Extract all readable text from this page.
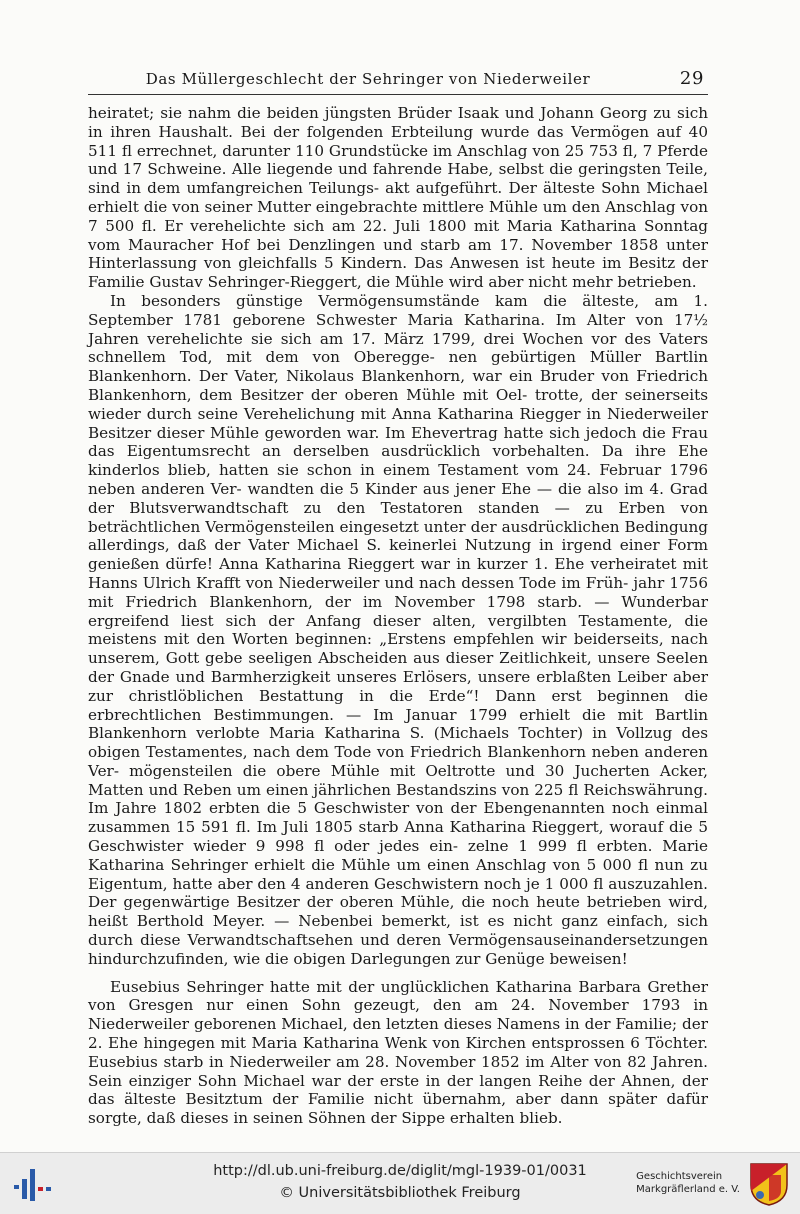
Das Müllergeschlecht der Sehringer von Niederweiler	29

heiratet; sie nahm die beiden jüngsten Brüder Isaak und Johann Georg zu sich in ihren Haushalt. Bei der folgenden Erbteilung wurde das Vermögen auf 40 511 fl errechnet, darunter 110 Grundstücke im Anschlag von 25 753 fl, 7 Pferde und 17 Schweine. Alle liegende und fahrende Habe, selbst die geringsten Teile, sind in dem umfangreichen Teilungs- akt aufgeführt. Der älteste Sohn Michael erhielt die von seiner Mutter eingebrachte mittlere Mühle um den Anschlag von 7 500 fl. Er verehelichte sich am 22. Juli 1800 mit Maria Katharina Sonntag vom Mauracher Hof bei Denzlingen und starb am 17. November 1858 unter Hinterlassung von gleichfalls 5 Kindern. Das Anwesen ist heute im Besitz der Familie Gustav Sehringer-Rieggert, die Mühle wird aber nicht mehr betrieben.

In besonders günstige Vermögensumstände kam die älteste, am 1. September 1781 geborene Schwester Maria Katharina. Im Alter von 17½ Jahren verehelichte sie sich am 17. März 1799, drei Wochen vor des Vaters schnellem Tod, mit dem von Oberegge- nen gebürtigen Müller Bartlin Blankenhorn. Der Vater, Nikolaus Blankenhorn, war ein Bruder von Friedrich Blankenhorn, dem Besitzer der oberen Mühle mit Oel- trotte, der seinerseits wieder durch seine Verehelichung mit Anna Katharina Riegger in Niederweiler Besitzer dieser Mühle geworden war. Im Ehevertrag hatte sich jedoch die Frau das Eigentumsrecht an derselben ausdrücklich vorbehalten. Da ihre Ehe kinderlos blieb, hatten sie schon in einem Testament vom 24. Februar 1796 neben anderen Ver- wandten die 5 Kinder aus jener Ehe — die also im 4. Grad der Blutsverwandtschaft zu den Testatoren standen — zu Erben von beträchtlichen Vermögensteilen eingesetzt unter der ausdrücklichen Bedingung allerdings, daß der Vater Michael S. keinerlei Nutzung in irgend einer Form genießen dürfe! Anna Katharina Rieggert war in kurzer 1. Ehe verheiratet mit Hanns Ulrich Krafft von Niederweiler und nach dessen Tode im Früh- jahr 1756 mit Friedrich Blankenhorn, der im November 1798 starb. — Wunderbar ergreifend liest sich der Anfang dieser alten, vergilbten Testamente, die meistens mit den Worten beginnen: „Erstens empfehlen wir beiderseits, nach unserem, Gott gebe seeligen Abscheiden aus dieser Zeitlichkeit, unsere Seelen der Gnade und Barmherzigkeit unseres Erlösers, unsere erblaßten Leiber aber zur christlöblichen Bestattung in die Erde“! Dann erst beginnen die erbrechtlichen Bestimmungen. — Im Januar 1799 erhielt die mit Bartlin Blankenhorn verlobte Maria Katharina S. (Michaels Tochter) in Vollzug des obigen Testamentes, nach dem Tode von Friedrich Blankenhorn neben anderen Ver- mögensteilen die obere Mühle mit Oeltrotte und 30 Jucherten Acker, Matten und Reben um einen jährlichen Bestandszins von 225 fl Reichswährung. Im Jahre 1802 erbten die 5 Geschwister von der Ebengenannten noch einmal zusammen 15 591 fl. Im Juli 1805 starb Anna Katharina Rieggert, worauf die 5 Geschwister wieder 9 998 fl oder jedes ein- zelne 1 999 fl erbten. Marie Katharina Sehringer erhielt die Mühle um einen Anschlag von 5 000 fl nun zu Eigentum, hatte aber den 4 anderen Geschwistern noch je 1 000 fl auszuzahlen. Der gegenwärtige Besitzer der oberen Mühle, die noch heute betrieben wird, heißt Berthold Meyer. — Nebenbei bemerkt, ist es nicht ganz einfach, sich durch diese Verwandtschaftsehen und deren Vermögensauseinandersetzungen hindurchzufinden, wie die obigen Darlegungen zur Genüge beweisen!

Eusebius Sehringer hatte mit der unglücklichen Katharina Barbara Grether von Gresgen nur einen Sohn gezeugt, den am 24. November 1793 in Niederweiler geborenen Michael, den letzten dieses Namens in der Familie; der 2. Ehe hingegen mit Maria Katharina Wenk von Kirchen entsprossen 6 Töchter. Eusebius starb in Niederweiler am 28. November 1852 im Alter von 82 Jahren. Sein einziger Sohn Michael war der erste in der langen Reihe der Ahnen, der das älteste Besitztum der Familie nicht übernahm, aber dann später dafür sorgte, daß dieses in seinen Söhnen der Sippe erhalten blieb.

http://dl.ub.uni-freiburg.de/diglit/mgl-1939-01/0031
© Universitätsbibliothek Freiburg
Geschichtsverein
Markgräflerland e. V.
